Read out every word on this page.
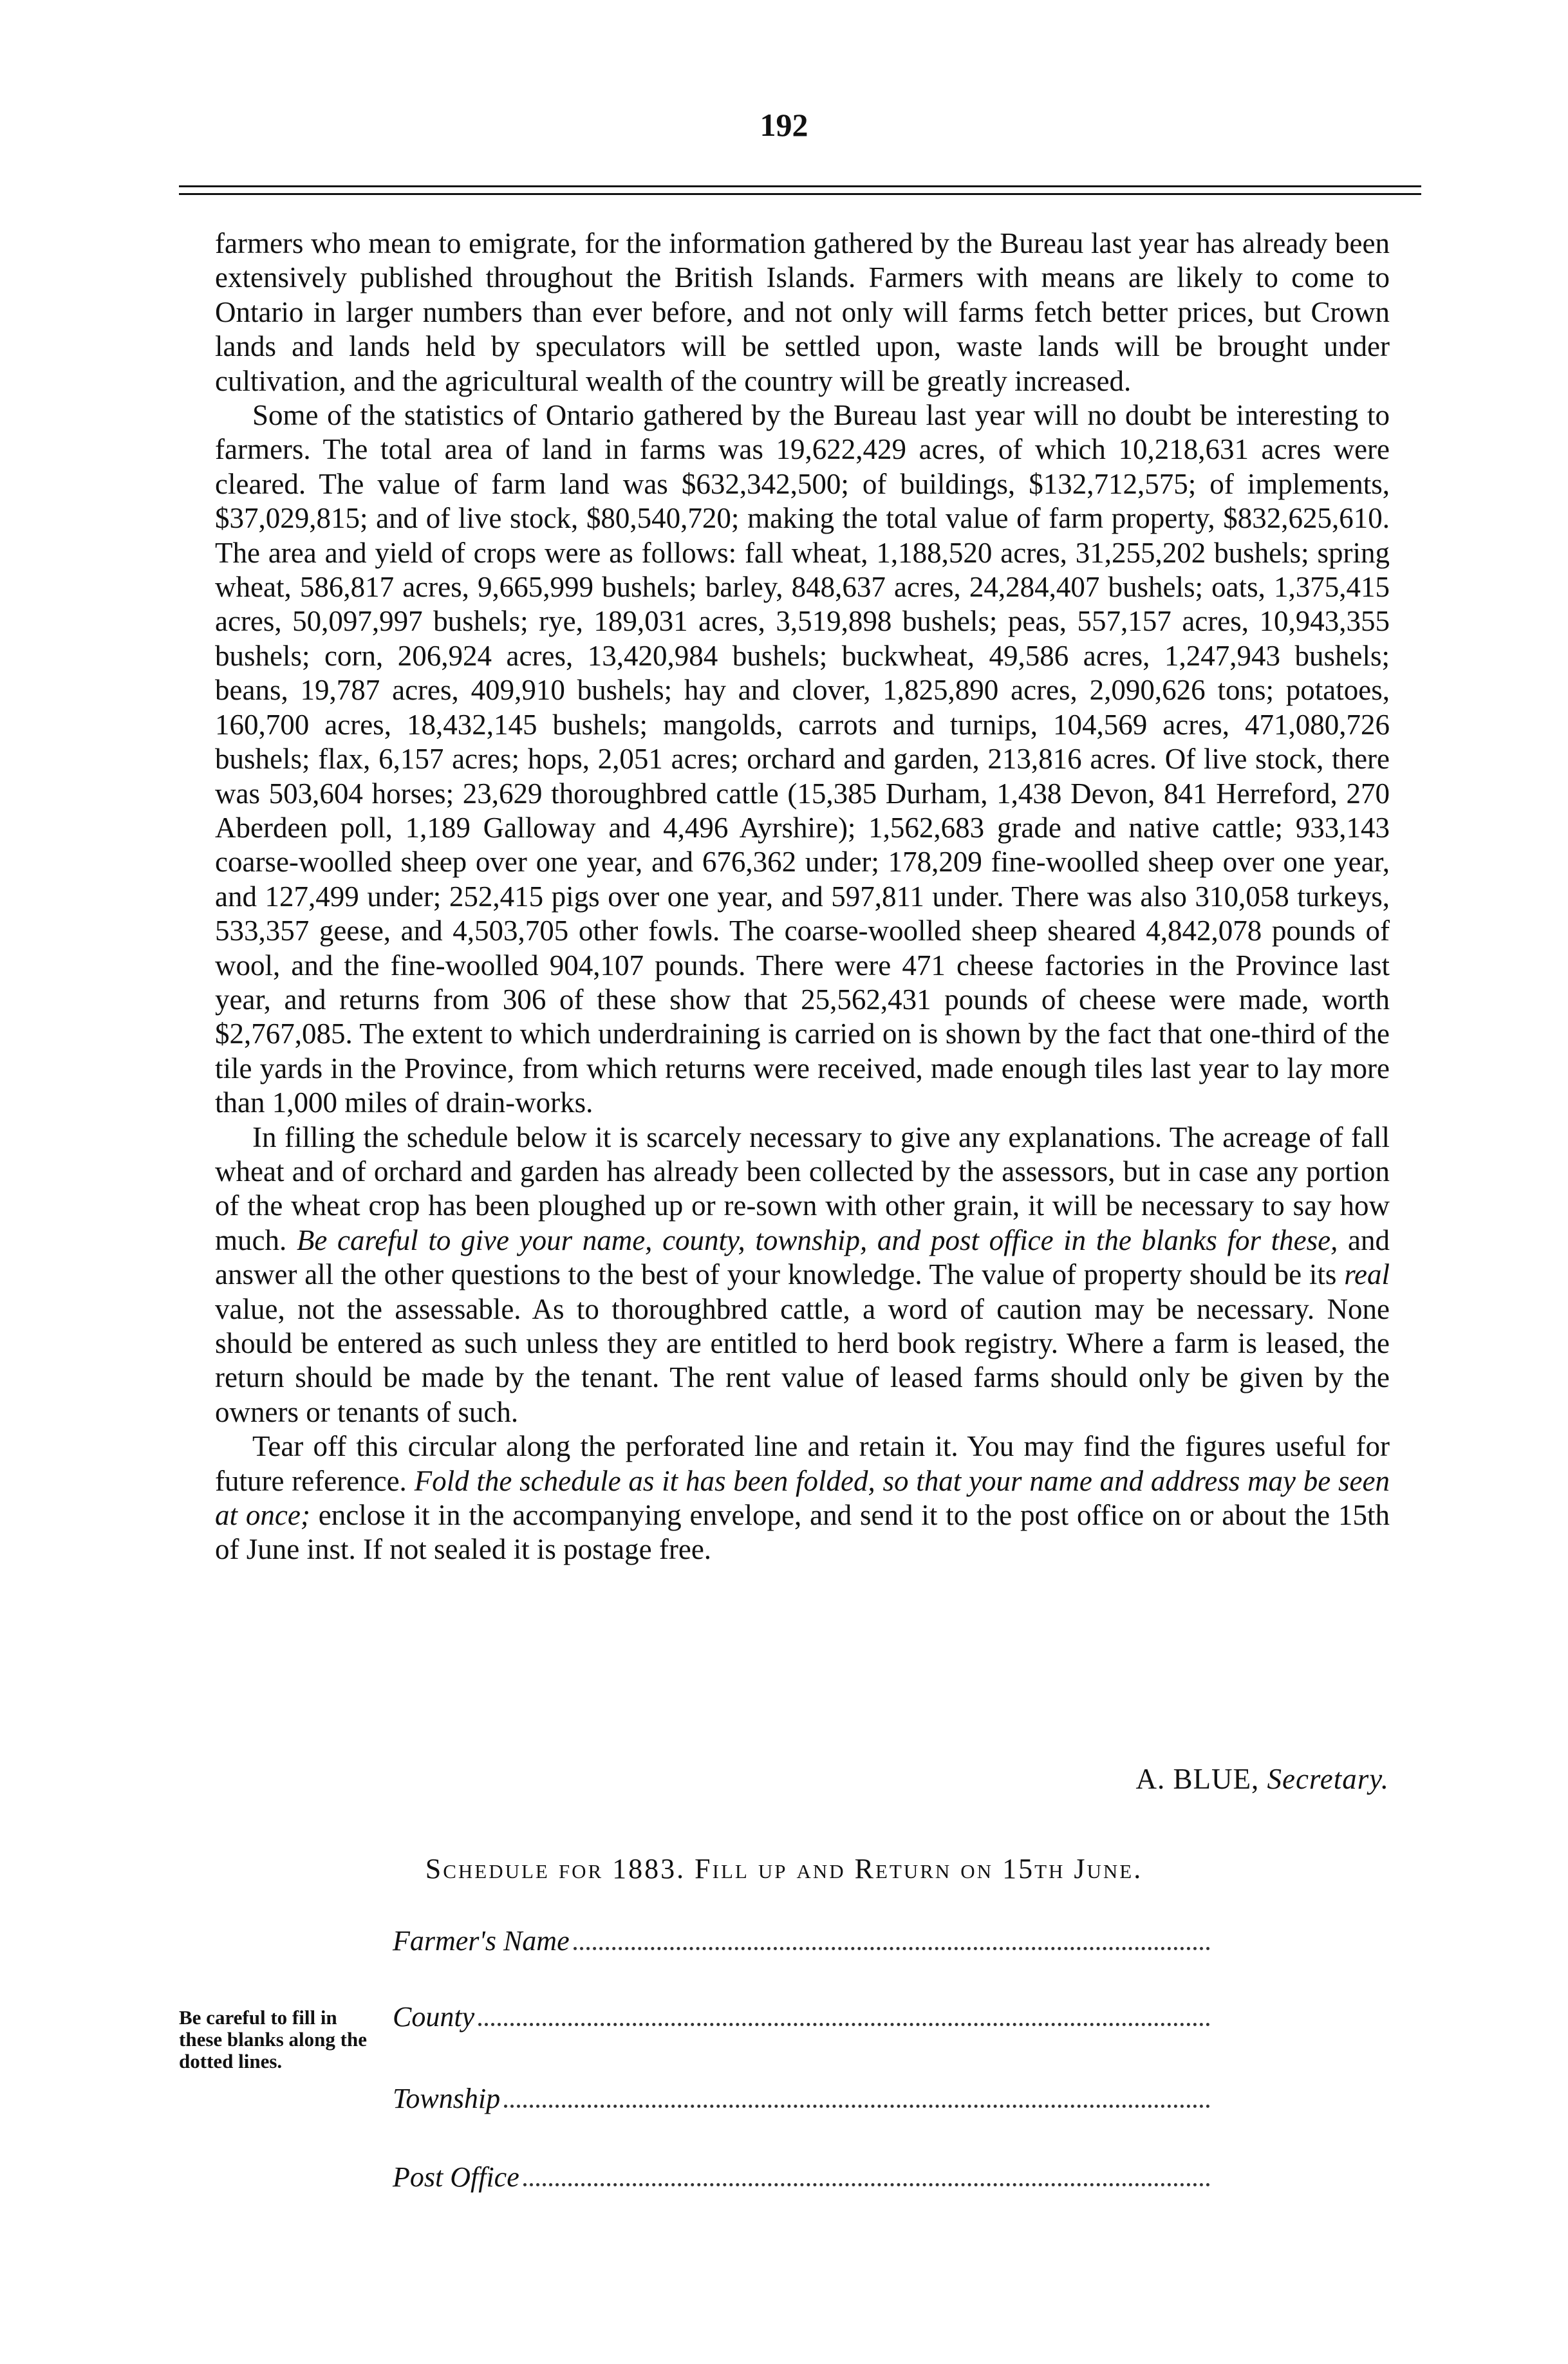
192

farmers who mean to emigrate, for the information gathered by the Bureau last year has already been extensively published throughout the British Islands. Farmers with means are likely to come to Ontario in larger numbers than ever before, and not only will farms fetch better prices, but Crown lands and lands held by speculators will be settled upon, waste lands will be brought under cultivation, and the agricultural wealth of the country will be greatly increased.

Some of the statistics of Ontario gathered by the Bureau last year will no doubt be interesting to farmers. The total area of land in farms was 19,622,429 acres, of which 10,218,631 acres were cleared. The value of farm land was $632,342,500; of buildings, $132,712,575; of implements, $37,029,815; and of live stock, $80,540,720; making the total value of farm property, $832,625,610. The area and yield of crops were as follows: fall wheat, 1,188,520 acres, 31,255,202 bushels; spring wheat, 586,817 acres, 9,665,999 bushels; barley, 848,637 acres, 24,284,407 bushels; oats, 1,375,415 acres, 50,097,997 bushels; rye, 189,031 acres, 3,519,898 bushels; peas, 557,157 acres, 10,943,355 bushels; corn, 206,924 acres, 13,420,984 bushels; buckwheat, 49,586 acres, 1,247,943 bushels; beans, 19,787 acres, 409,910 bushels; hay and clover, 1,825,890 acres, 2,090,626 tons; potatoes, 160,700 acres, 18,432,145 bushels; mangolds, carrots and turnips, 104,569 acres, 471,080,726 bushels; flax, 6,157 acres; hops, 2,051 acres; orchard and garden, 213,816 acres. Of live stock, there was 503,604 horses; 23,629 thoroughbred cattle (15,385 Durham, 1,438 Devon, 841 Herreford, 270 Aberdeen poll, 1,189 Galloway and 4,496 Ayrshire); 1,562,683 grade and native cattle; 933,143 coarse-woolled sheep over one year, and 676,362 under; 178,209 fine-woolled sheep over one year, and 127,499 under; 252,415 pigs over one year, and 597,811 under. There was also 310,058 turkeys, 533,357 geese, and 4,503,705 other fowls. The coarse-woolled sheep sheared 4,842,078 pounds of wool, and the fine-woolled 904,107 pounds. There were 471 cheese factories in the Province last year, and returns from 306 of these show that 25,562,431 pounds of cheese were made, worth $2,767,085. The extent to which underdraining is carried on is shown by the fact that one-third of the tile yards in the Province, from which returns were received, made enough tiles last year to lay more than 1,000 miles of drain-works.

In filling the schedule below it is scarcely necessary to give any explanations. The acreage of fall wheat and of orchard and garden has already been collected by the assessors, but in case any portion of the wheat crop has been ploughed up or re-sown with other grain, it will be necessary to say how much. Be careful to give your name, county, township, and post office in the blanks for these, and answer all the other questions to the best of your knowledge. The value of property should be its real value, not the assessable. As to thoroughbred cattle, a word of caution may be necessary. None should be entered as such unless they are entitled to herd book registry. Where a farm is leased, the return should be made by the tenant. The rent value of leased farms should only be given by the owners or tenants of such.

Tear off this circular along the perforated line and retain it. You may find the figures useful for future reference. Fold the schedule as it has been folded, so that your name and address may be seen at once; enclose it in the accompanying envelope, and send it to the post office on or about the 15th of June inst. If not sealed it is postage free.

A. BLUE, Secretary.
Schedule for 1883. Fill up and Return on 15th June.
Farmer's Name
Be careful to fill in these blanks along the dotted lines.
County
Township
Post Office
